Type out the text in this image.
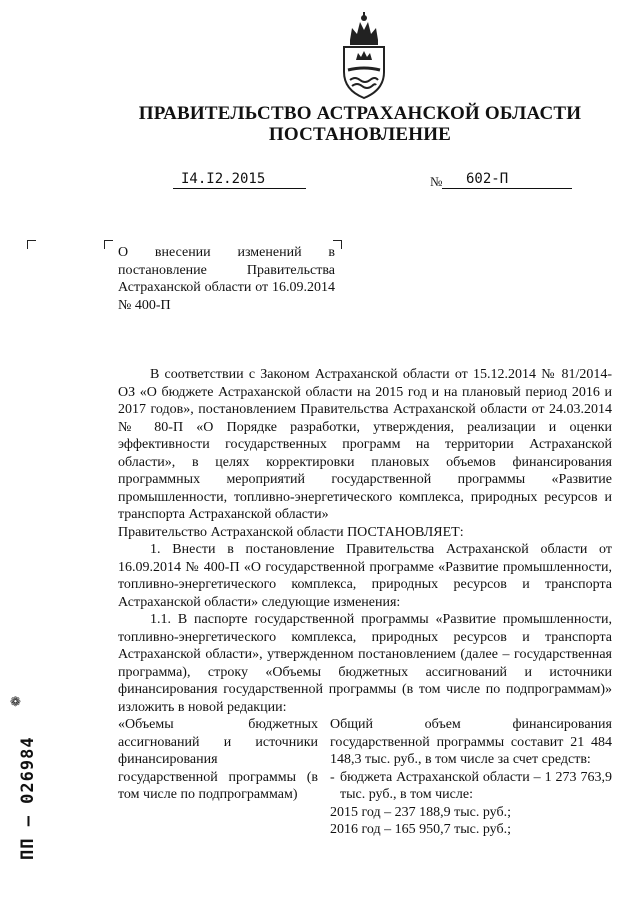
ПРАВИТЕЛЬСТВО АСТРАХАНСКОЙ ОБЛАСТИ
ПОСТАНОВЛЕНИЕ
I4.I2.2015	№	602-П
О внесении изменений в постановление Правительства Астраханской области от 16.09.2014 № 400-П

В соответствии с Законом Астраханской области от 15.12.2014 № 81/2014-ОЗ «О бюджете Астраханской области на 2015 год и на плановый период 2016 и 2017 годов», постановлением Правительства Астраханской области от 24.03.2014 № 80-П «О Порядке разработки, утверждения, реализации и оценки эффективности государственных программ на территории Астраханской области», в целях корректировки плановых объемов финансирования программных мероприятий государственной программы «Развитие промышленности, топливно-энергетического комплекса, природных ресурсов и транспорта Астраханской области»

Правительство Астраханской области ПОСТАНОВЛЯЕТ:

1. Внести в постановление Правительства Астраханской области от 16.09.2014 № 400-П «О государственной программе «Развитие промышленности, топливно-энергетического комплекса, природных ресурсов и транспорта Астраханской области» следующие изменения:

1.1. В паспорте государственной программы «Развитие промышленности, топливно-энергетического комплекса, природных ресурсов и транспорта Астраханской области», утвержденном постановлением (далее – государственная программа), строку «Объемы бюджетных ассигнований и источники финансирования государственной программы (в том числе по подпрограммам)» изложить в новой редакции:

«Объемы бюджетных ассигнований и источники финансирования государственной программы (в том числе по подпрограммам)

Общий объем финансирования государственной программы составит 21 484 148,3 тыс. руб., в том числе за счет средств:

- бюджета Астраханской области – 1 273 763,9 тыс. руб., в том числе:

2015 год – 237 188,9 тыс. руб.;

2016 год – 165 950,7 тыс. руб.;

❁
ПП – 026984
